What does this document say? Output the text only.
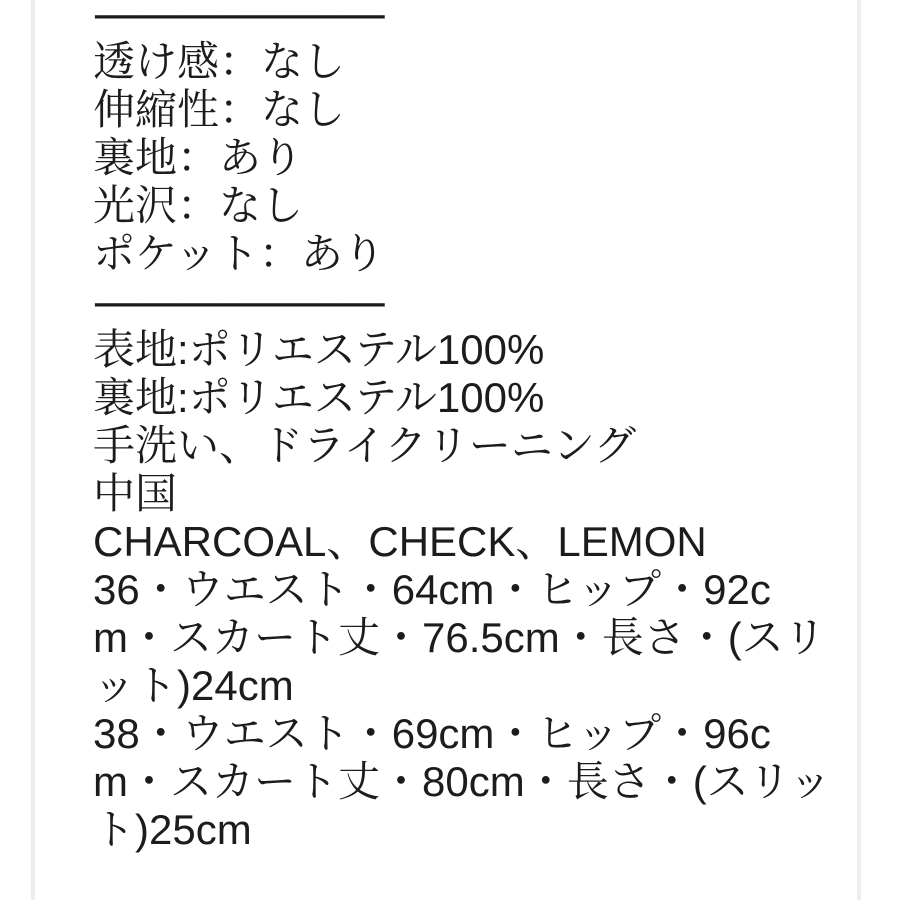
-----------------------------
透け感：なし
伸縮性：なし
裏地：あり
光沢：なし
ポケット：あり
-----------------------------
表地:ポリエステル100%
裏地:ポリエステル100%
手洗い、ドライクリーニング
中国
CHARCOAL、CHECK、LEMON
36・ウエスト・64cm・ヒップ・92c
m・スカート丈・76.5cm・長さ・(スリ
ット)24cm
38・ウエスト・69cm・ヒップ・96c
m・スカート丈・80cm・長さ・(スリッ
ト)25cm
